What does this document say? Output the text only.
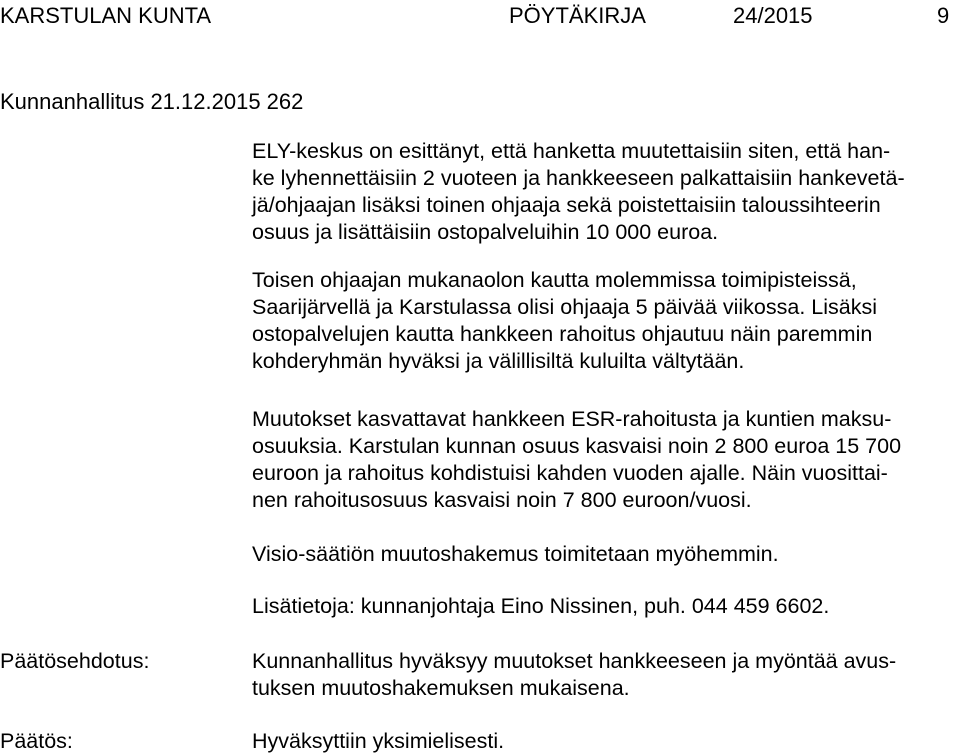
KARSTULAN KUNTA	PÖYTÄKIRJA	24/2015	9
Kunnanhallitus 21.12.2015 262
ELY-keskus on esittänyt, että hanketta muutettaisiin siten, että han-
ke lyhennettäisiin 2 vuoteen ja hankkeeseen palkattaisiin hankevetä-
jä/ohjaajan lisäksi toinen ohjaaja sekä poistettaisiin taloussihteerin
osuus ja lisättäisiin ostopalveluihin 10 000 euroa.
Toisen ohjaajan mukanaolon kautta molemmissa toimipisteissä,
Saarijärvellä ja Karstulassa olisi ohjaaja 5 päivää viikossa. Lisäksi
ostopalvelujen kautta hankkeen rahoitus ohjautuu näin paremmin
kohderyhmän hyväksi ja välillisiltä kuluilta vältytään.
Muutokset kasvattavat hankkeen ESR-rahoitusta ja kuntien maksu-
osuuksia. Karstulan kunnan osuus kasvaisi noin 2 800 euroa 15 700
euroon ja rahoitus kohdistuisi kahden vuoden ajalle. Näin vuosittai-
nen rahoitusosuus kasvaisi noin 7 800 euroon/vuosi.
Visio-säätiön muutoshakemus toimitetaan myöhemmin.
Lisätietoja: kunnanjohtaja Eino Nissinen, puh. 044 459 6602.
Päätösehdotus:	Kunnanhallitus hyväksyy muutokset hankkeeseen ja myöntää avus-
tuksen muutoshakemuksen mukaisena.
Päätös:	Hyväksyttiin yksimielisesti.
